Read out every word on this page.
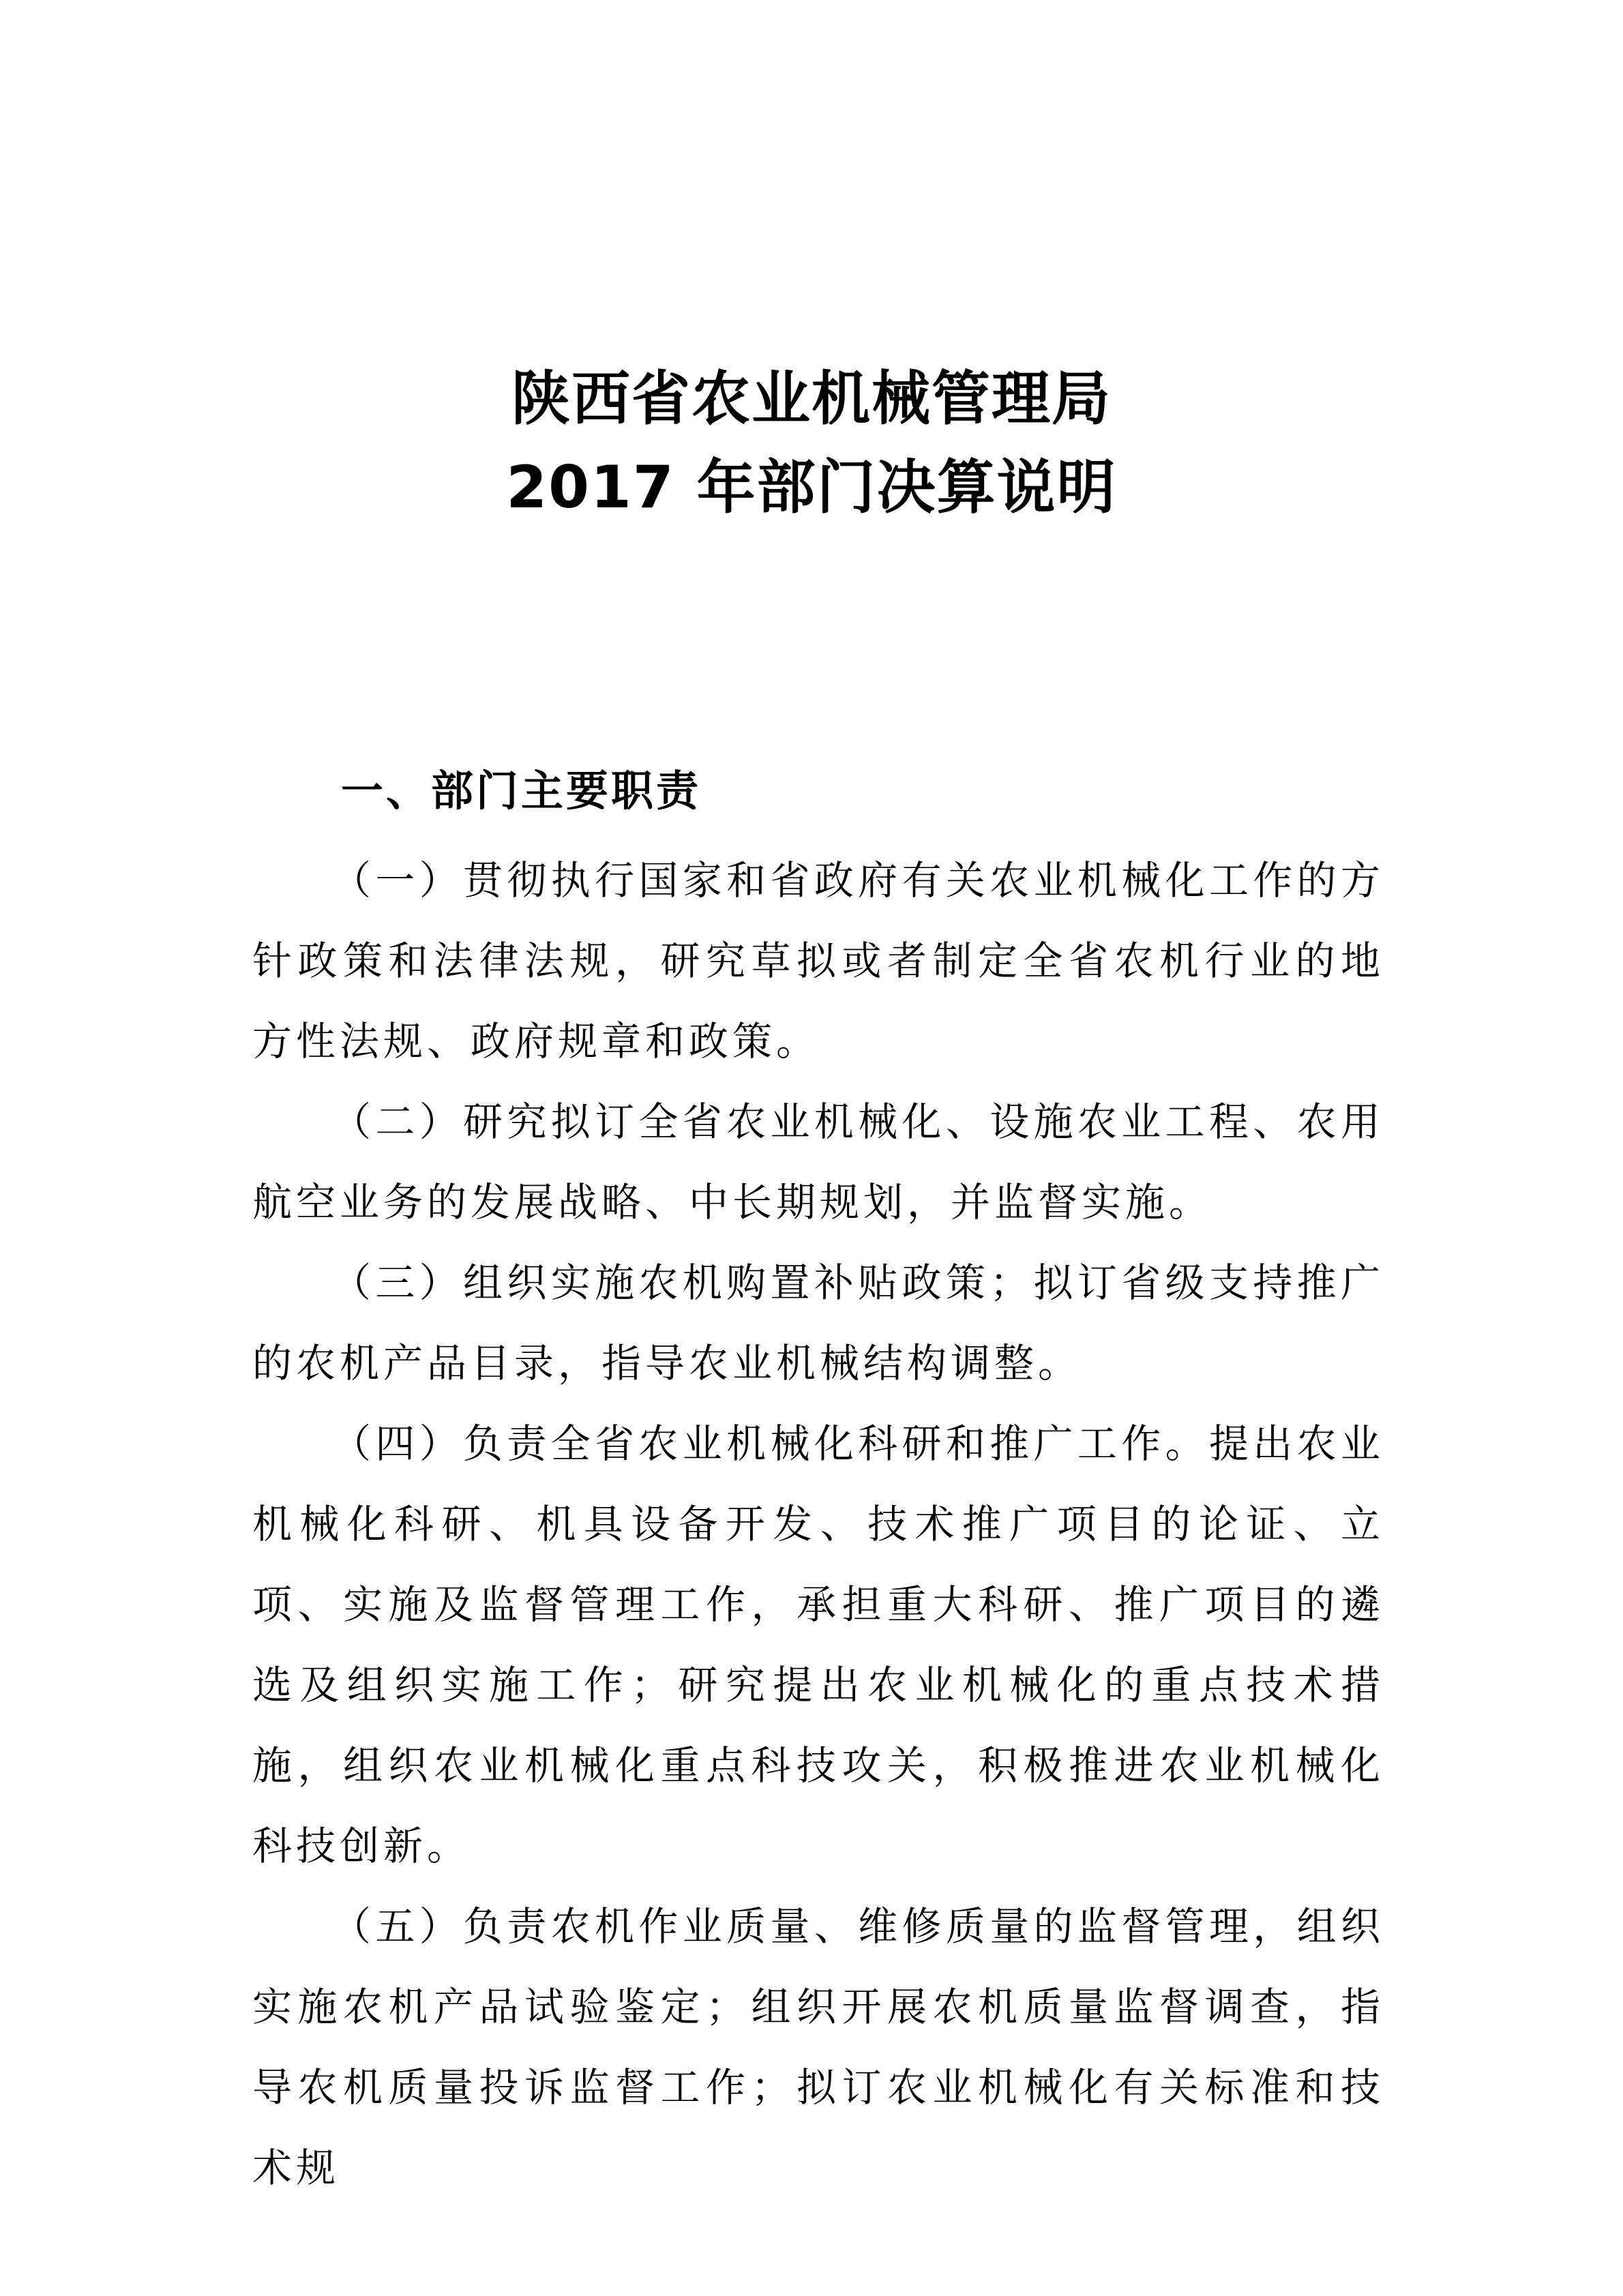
陕西省农业机械管理局
2017 年部门决算说明
一、部门主要职责

（一）贯彻执行国家和省政府有关农业机械化工作的方针政策和法律法规，研究草拟或者制定全省农机行业的地方性法规、政府规章和政策。

（二）研究拟订全省农业机械化、设施农业工程、农用航空业务的发展战略、中长期规划，并监督实施。

（三）组织实施农机购置补贴政策；拟订省级支持推广的农机产品目录，指导农业机械结构调整。

（四）负责全省农业机械化科研和推广工作。提出农业机械化科研、机具设备开发、技术推广项目的论证、立项、实施及监督管理工作，承担重大科研、推广项目的遴选及组织实施工作；研究提出农业机械化的重点技术措施，组织农业机械化重点科技攻关，积极推进农业机械化科技创新。

（五）负责农机作业质量、维修质量的监督管理，组织实施农机产品试验鉴定；组织开展农机质量监督调查，指导农机质量投诉监督工作；拟订农业机械化有关标准和技术规
